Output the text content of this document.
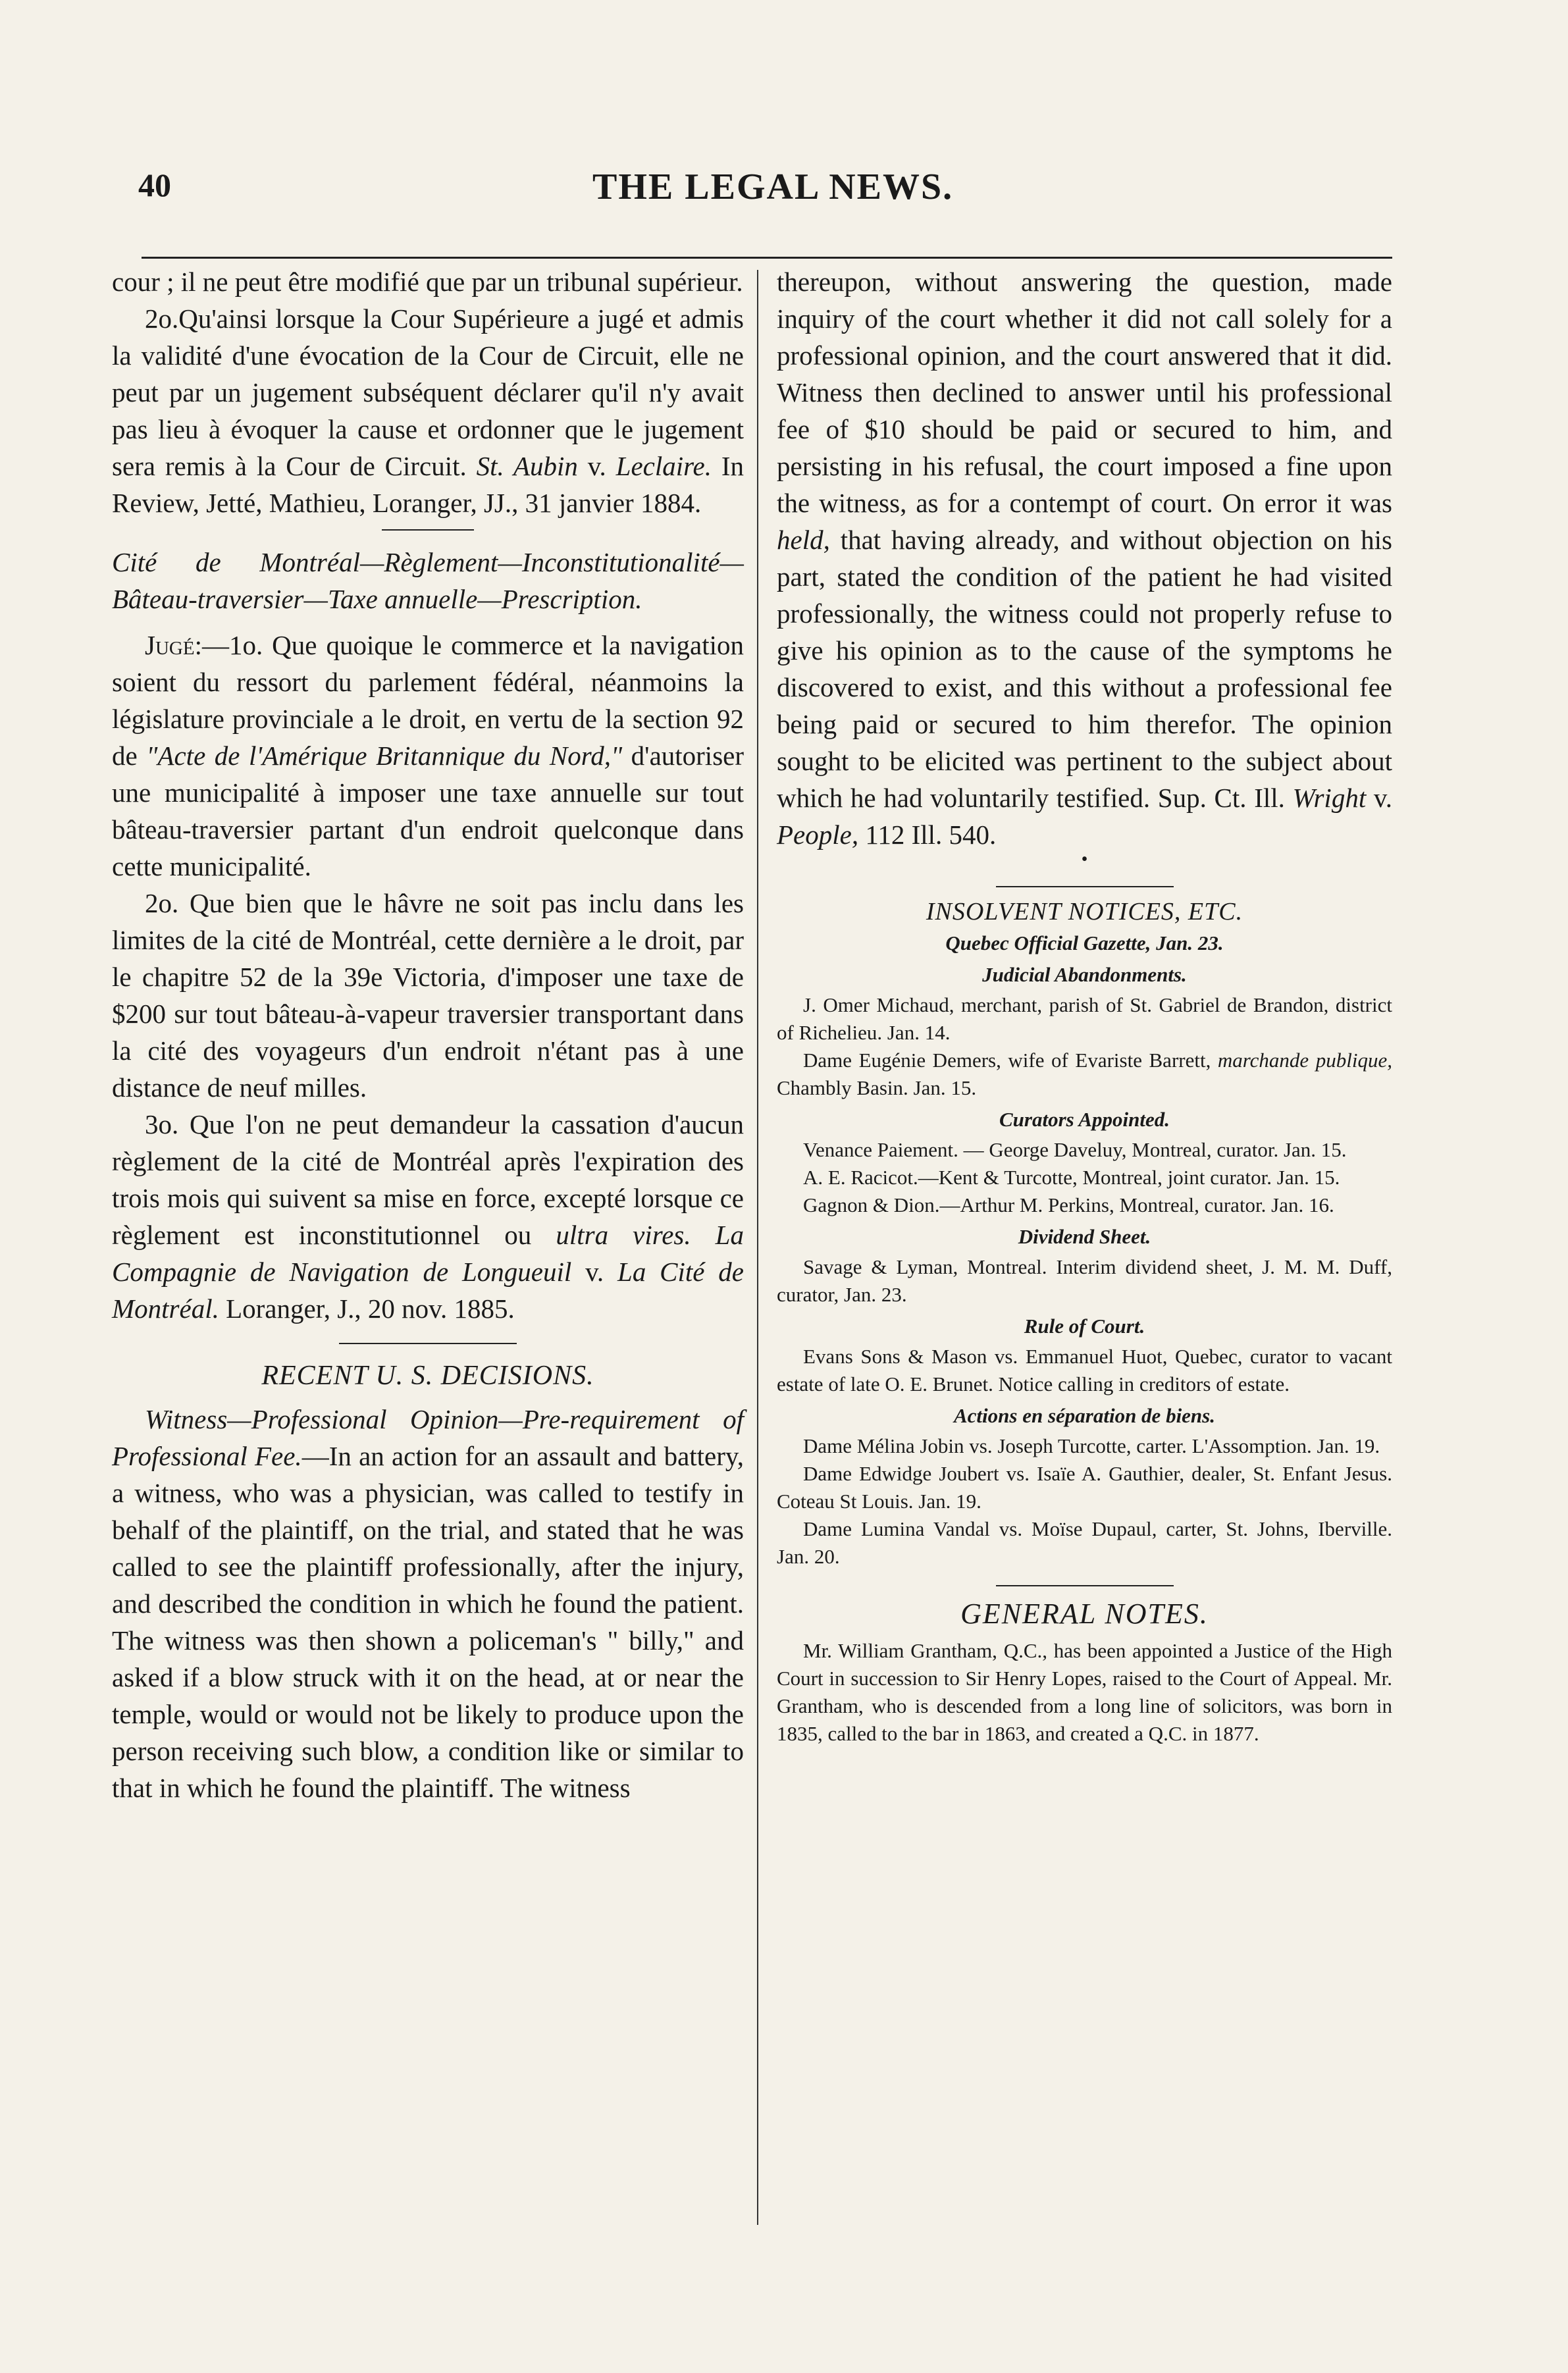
40	THE LEGAL NEWS.

cour ; il ne peut être modifié que par un tribunal supérieur.

2o.Qu'ainsi lorsque la Cour Supérieure a jugé et admis la validité d'une évocation de la Cour de Circuit, elle ne peut par un jugement subséquent déclarer qu'il n'y avait pas lieu à évoquer la cause et ordonner que le jugement sera remis à la Cour de Circuit. St. Aubin v. Leclaire. In Review, Jetté, Mathieu, Loranger, JJ., 31 janvier 1884.

Cité de Montréal—Règlement—Inconstitutionalité—Bâteau-traversier—Taxe annuelle—Prescription.

Jugé:—1o. Que quoique le commerce et la navigation soient du ressort du parlement fédéral, néanmoins la législature provinciale a le droit, en vertu de la section 92 de "Acte de l'Amérique Britannique du Nord," d'autoriser une municipalité à imposer une taxe annuelle sur tout bâteau-traversier partant d'un endroit quelconque dans cette municipalité.

2o. Que bien que le hâvre ne soit pas inclu dans les limites de la cité de Montréal, cette dernière a le droit, par le chapitre 52 de la 39e Victoria, d'imposer une taxe de $200 sur tout bâteau-à-vapeur traversier transportant dans la cité des voyageurs d'un endroit n'étant pas à une distance de neuf milles.

3o. Que l'on ne peut demandeur la cassation d'aucun règlement de la cité de Montréal après l'expiration des trois mois qui suivent sa mise en force, excepté lorsque ce règlement est inconstitutionnel ou ultra vires. La Compagnie de Navigation de Longueuil v. La Cité de Montréal. Loranger, J., 20 nov. 1885.

RECENT U. S. DECISIONS.

Witness—Professional Opinion—Pre-requirement of Professional Fee.—In an action for an assault and battery, a witness, who was a physician, was called to testify in behalf of the plaintiff, on the trial, and stated that he was called to see the plaintiff professionally, after the injury, and described the condition in which he found the patient. The witness was then shown a policeman's " billy," and asked if a blow struck with it on the head, at or near the temple, would or would not be likely to produce upon the person receiving such blow, a condition like or similar to that in which he found the plaintiff. The witness

thereupon, without answering the question, made inquiry of the court whether it did not call solely for a professional opinion, and the court answered that it did. Witness then declined to answer until his professional fee of $10 should be paid or secured to him, and persisting in his refusal, the court imposed a fine upon the witness, as for a contempt of court. On error it was held, that having already, and without objection on his part, stated the condition of the patient he had visited professionally, the witness could not properly refuse to give his opinion as to the cause of the symptoms he discovered to exist, and this without a professional fee being paid or secured to him therefor. The opinion sought to be elicited was pertinent to the subject about which he had voluntarily testified. Sup. Ct. Ill. Wright v. People, 112 Ill. 540.

•
INSOLVENT NOTICES, ETC.
Quebec Official Gazette, Jan. 23.
Judicial Abandonments.

J. Omer Michaud, merchant, parish of St. Gabriel de Brandon, district of Richelieu. Jan. 14.

Dame Eugénie Demers, wife of Evariste Barrett, marchande publique, Chambly Basin. Jan. 15.

Curators Appointed.

Venance Paiement. — George Daveluy, Montreal, curator. Jan. 15.

A. E. Racicot.—Kent & Turcotte, Montreal, joint curator. Jan. 15.

Gagnon & Dion.—Arthur M. Perkins, Montreal, curator. Jan. 16.

Dividend Sheet.

Savage & Lyman, Montreal. Interim dividend sheet, J. M. M. Duff, curator, Jan. 23.

Rule of Court.

Evans Sons & Mason vs. Emmanuel Huot, Quebec, curator to vacant estate of late O. E. Brunet. Notice calling in creditors of estate.

Actions en séparation de biens.

Dame Mélina Jobin vs. Joseph Turcotte, carter. L'Assomption. Jan. 19.

Dame Edwidge Joubert vs. Isaïe A. Gauthier, dealer, St. Enfant Jesus. Coteau St Louis. Jan. 19.

Dame Lumina Vandal vs. Moïse Dupaul, carter, St. Johns, Iberville. Jan. 20.

GENERAL NOTES.

Mr. William Grantham, Q.C., has been appointed a Justice of the High Court in succession to Sir Henry Lopes, raised to the Court of Appeal. Mr. Grantham, who is descended from a long line of solicitors, was born in 1835, called to the bar in 1863, and created a Q.C. in 1877.
